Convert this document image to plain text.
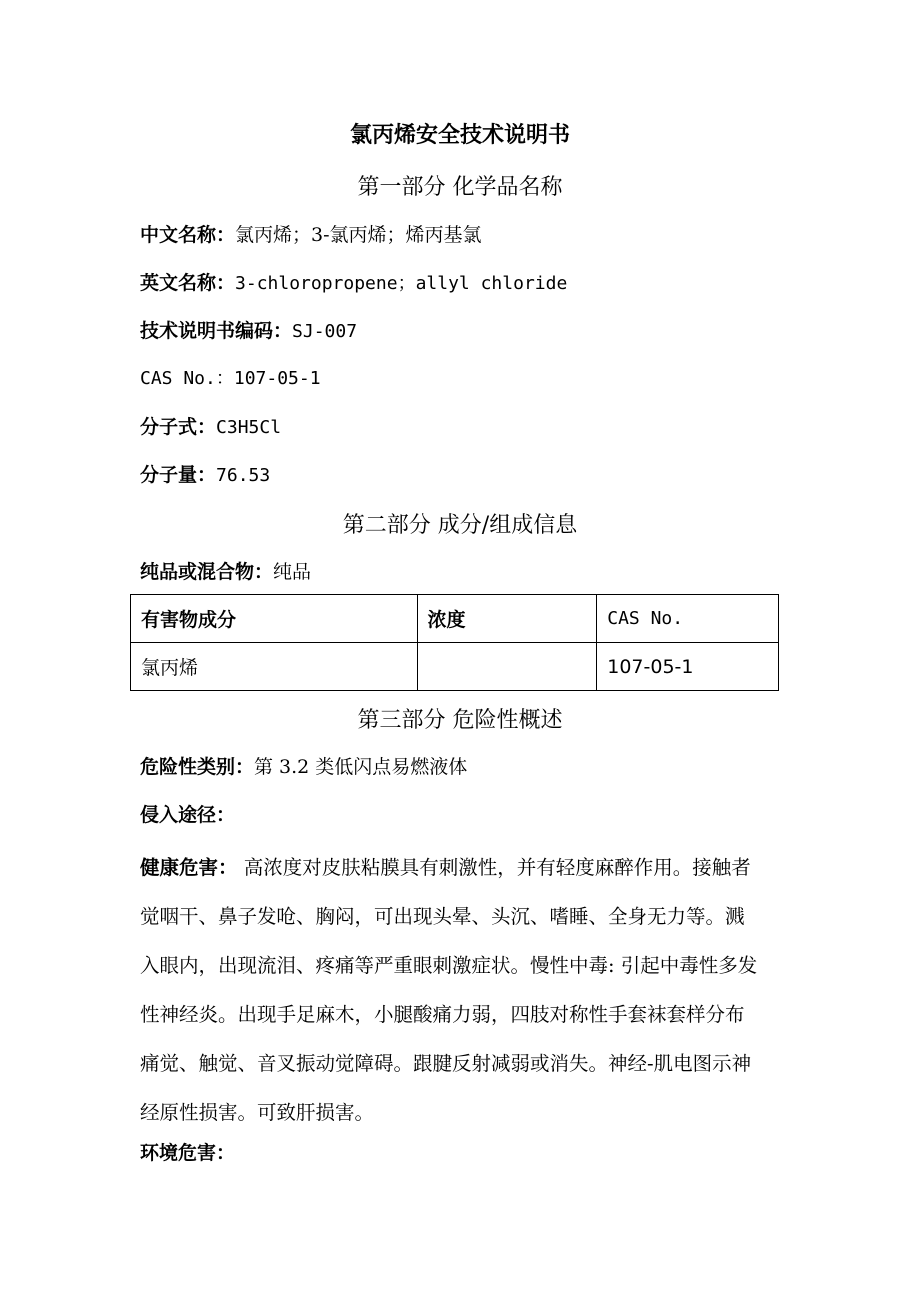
氯丙烯安全技术说明书
第一部分 化学品名称
中文名称：氯丙烯；3-氯丙烯；烯丙基氯
英文名称：3-chloropropene；allyl chloride
技术说明书编码：SJ-007
CAS No.：107-05-1
分子式：C3H5Cl
分子量：76.53
第二部分 成分/组成信息
纯品或混合物：纯品
有害物成分	浓度	CAS No.
氯丙烯		107-05-1
第三部分 危险性概述
危险性类别：第 3.2 类低闪点易燃液体
侵入途径：
健康危害： 高浓度对皮肤粘膜具有刺激性，并有轻度麻醉作用。接触者觉咽干、鼻子发呛、胸闷，可出现头晕、头沉、嗜睡、全身无力等。溅入眼内，出现流泪、疼痛等严重眼刺激症状。慢性中毒: 引起中毒性多发性神经炎。出现手足麻木，小腿酸痛力弱，四肢对称性手套袜套样分布痛觉、触觉、音叉振动觉障碍。跟腱反射减弱或消失。神经-肌电图示神经原性损害。可致肝损害。
环境危害：
